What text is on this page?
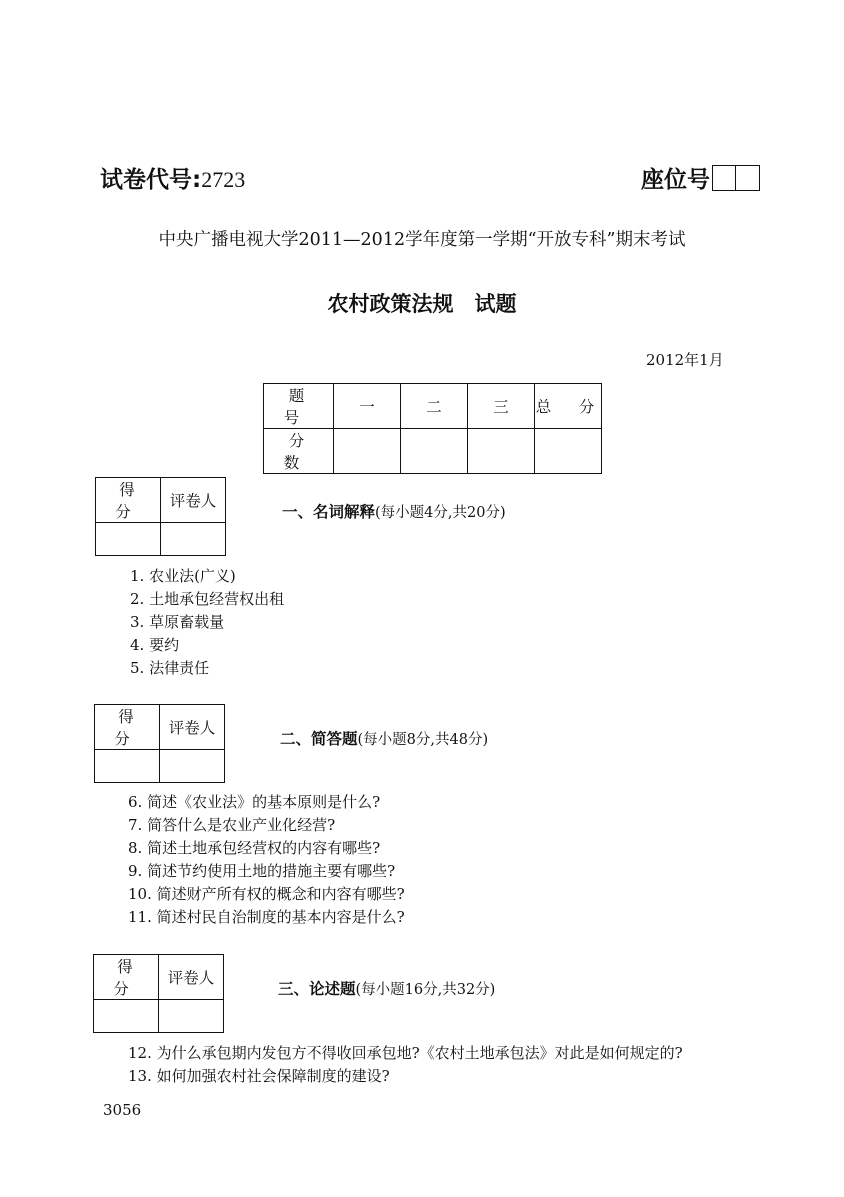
试卷代号:2723	座位号
中央广播电视大学2011—2012学年度第一学期“开放专科”期末考试
农村政策法规　试题
2012年1月
题　号	一	二	三	总　分
分　数				
得　分	评卷人

一、名词解释(每小题4分,共20分)
1. 农业法(广义)
2. 土地承包经营权出租
3. 草原畜载量
4. 要约
5. 法律责任
得　分	评卷人

二、简答题(每小题8分,共48分)
6. 简述《农业法》的基本原则是什么?
7. 简答什么是农业产业化经营?
8. 简述土地承包经营权的内容有哪些?
9. 简述节约使用土地的措施主要有哪些?
10. 简述财产所有权的概念和内容有哪些?
11. 简述村民自治制度的基本内容是什么?
得　分	评卷人

三、论述题(每小题16分,共32分)
12. 为什么承包期内发包方不得收回承包地?《农村土地承包法》对此是如何规定的?
13. 如何加强农村社会保障制度的建设?
3056
